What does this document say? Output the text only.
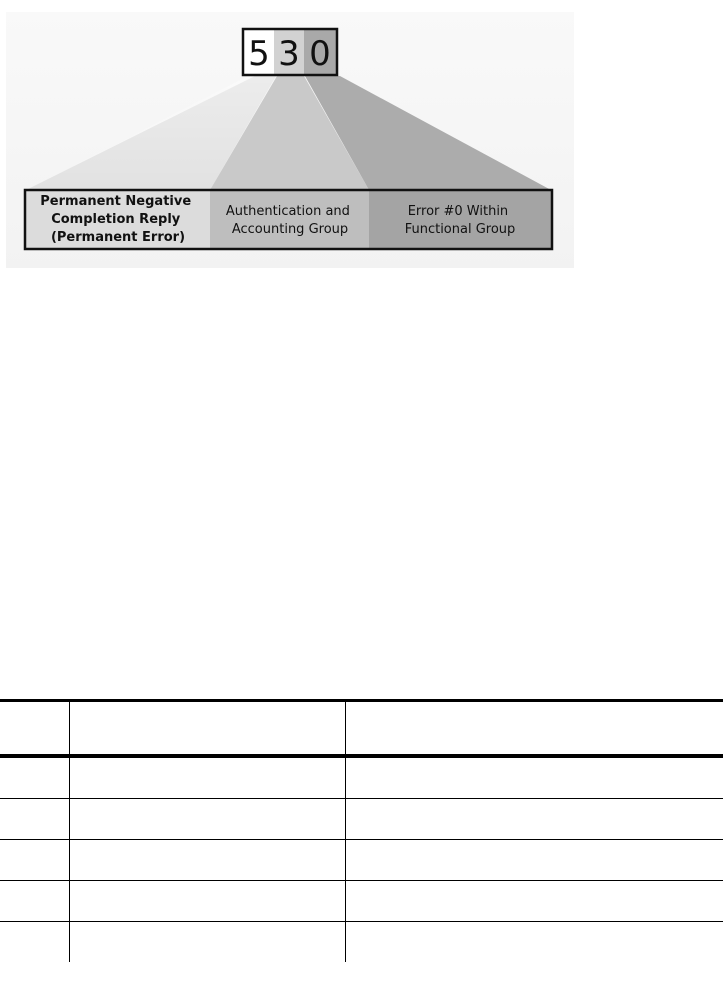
5 3 0
Permanent Negative Completion Reply (Permanent Error)
Authentication and Accounting Group
Error #0 Within Functional Group
